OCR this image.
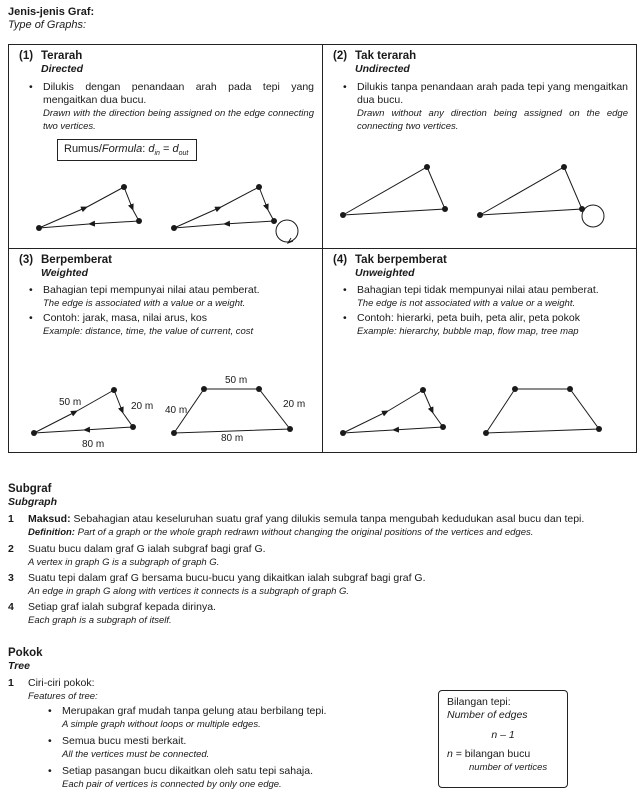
Jenis-jenis Graf:
Type of Graphs:
(1) Terarah
Directed
• Dilukis dengan penandaan arah pada tepi yang mengaitkan dua bucu.
Drawn with the direction being assigned on the edge connecting two vertices.
Rumus/Formula: $d_{in} = d_{out}$
(2) Tak terarah
Undirected
• Dilukis tanpa penandaan arah pada tepi yang mengaitkan dua bucu.
Drawn without any direction being assigned on the edge connecting two vertices.
(3) Berpemberat
Weighted
• Bahagian tepi mempunyai nilai atau pemberat.
The edge is associated with a value or a weight.
• Contoh: jarak, masa, nilai arus, kos
Example: distance, time, the value of current, cost
50 m	20 m
80 m
40 m
50 m
20 m
80 m
(4) Tak berpemberat
Unweighted
• Bahagian tepi tidak mempunyai nilai atau pemberat.
The edge is not associated with a value or a weight.
• Contoh: hierarki, peta buih, peta alir, peta pokok
Example: hierarchy, bubble map, flow map, tree map
Subgraf
Subgraph
1	Maksud: Sebahagian atau keseluruhan suatu graf yang dilukis semula tanpa mengubah kedudukan asal bucu dan tepi.
Definition: Part of a graph or the whole graph redrawn without changing the original positions of the vertices and edges.
2	Suatu bucu dalam graf G ialah subgraf bagi graf G.
A vertex in graph G is a subgraph of graph G.
3	Suatu tepi dalam graf G bersama bucu-bucu yang dikaitkan ialah subgraf bagi graf G.
An edge in graph G along with vertices it connects is a subgraph of graph G.
4	Setiap graf ialah subgraf kepada dirinya.
Each graph is a subgraph of itself.
Pokok
Tree
1	Ciri-ciri pokok:
Features of tree:
• Merupakan graf mudah tanpa gelung atau berbilang tepi.
A simple graph without loops or multiple edges.
• Semua bucu mesti berkait.
All the vertices must be connected.
• Setiap pasangan bucu dikaitkan oleh satu tepi sahaja.
Each pair of vertices is connected by only one edge.
Bilangan tepi:
Number of edges
n – 1
n = bilangan bucu
number of vertices
